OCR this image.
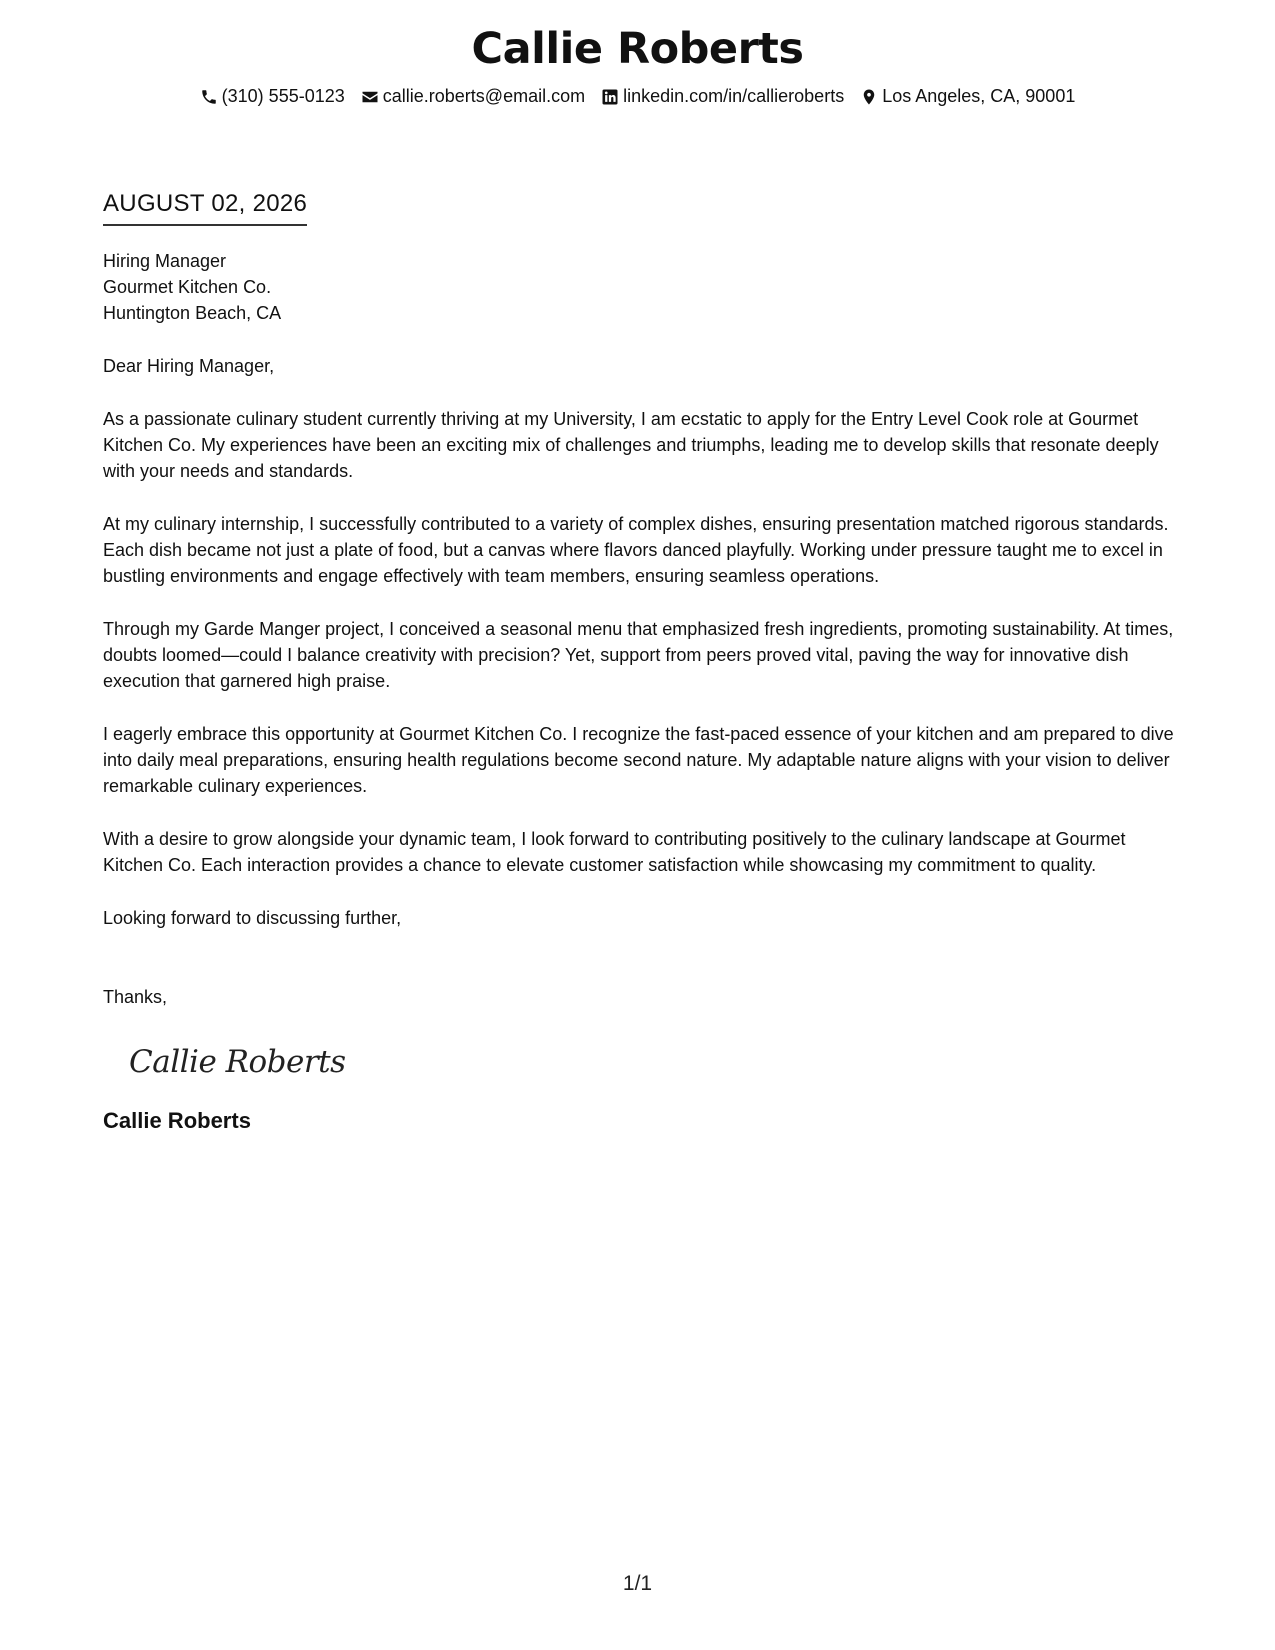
Callie Roberts
(310) 555-0123 callie.roberts@email.com linkedin.com/in/callieroberts Los Angeles, CA, 90001
AUGUST 02, 2026
Hiring Manager
Gourmet Kitchen Co.
Huntington Beach, CA
Dear Hiring Manager,
As a passionate culinary student currently thriving at my University, I am ecstatic to apply for the Entry Level Cook role at Gourmet Kitchen Co. My experiences have been an exciting mix of challenges and triumphs, leading me to develop skills that resonate deeply with your needs and standards.
At my culinary internship, I successfully contributed to a variety of complex dishes, ensuring presentation matched rigorous standards. Each dish became not just a plate of food, but a canvas where flavors danced playfully. Working under pressure taught me to excel in bustling environments and engage effectively with team members, ensuring seamless operations.
Through my Garde Manger project, I conceived a seasonal menu that emphasized fresh ingredients, promoting sustainability. At times, doubts loomed—could I balance creativity with precision? Yet, support from peers proved vital, paving the way for innovative dish execution that garnered high praise.
I eagerly embrace this opportunity at Gourmet Kitchen Co. I recognize the fast-paced essence of your kitchen and am prepared to dive into daily meal preparations, ensuring health regulations become second nature. My adaptable nature aligns with your vision to deliver remarkable culinary experiences.
With a desire to grow alongside your dynamic team, I look forward to contributing positively to the culinary landscape at Gourmet Kitchen Co. Each interaction provides a chance to elevate customer satisfaction while showcasing my commitment to quality.
Looking forward to discussing further,
Thanks,
Callie Roberts
Callie Roberts
1/1
